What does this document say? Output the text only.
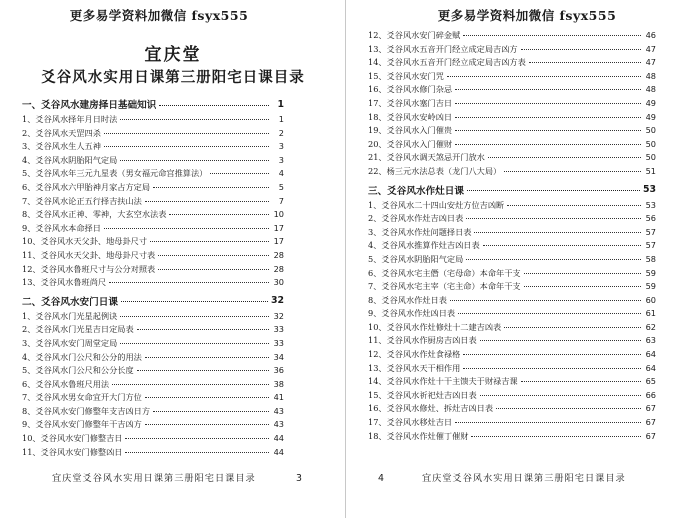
更多易学资料加微信 fsyx555
宜庆堂
爻谷风水实用日课第三册阳宅日课目录
一、爻谷风水建房择日基础知识	1
1、爻谷风水择年月日时法	1
2、爻谷风水天罡四杀	2
3、爻谷风水生人五神	3
4、爻谷风水阴胎阳气定局	3
5、爻谷风水年三元九星表（男女福元命宫推算法）	4
6、爻谷风水六甲胎神月家占方定局	5
7、爻谷风水论正五行择吉扶山法	7
8、爻谷风水正神、零神，大玄空水法表	10
9、爻谷风水本命择日	17
10、爻谷风水天父卦、地母卦尺寸	17
11、爻谷风水天父卦、地母卦尺寸表	28
12、爻谷风水鲁班尺寸与公分对照表	28
13、爻谷风水鲁班尚尺	30
二、爻谷风水安门日课	32
1、爻谷风水门光星起例诀	32
2、爻谷风水门光星吉日定局表	33
3、爻谷风水安门周堂定局	33
4、爻谷风水门公尺和公分的用法	34
5、爻谷风水门公尺和公分长度	36
6、爻谷风水鲁班尺用法	38
7、爻谷风水男女命宜开大门方位	41
8、爻谷风水安门修整年支吉凶日方	43
9、爻谷风水安门修整年干吉凶方	43
10、爻谷风水安门修整吉日	44
11、爻谷风水安门修整凶日	44
宜庆堂爻谷风水实用日课第三册阳宅日课目录	3
更多易学资料加微信 fsyx555
12、爻谷风水安门碎金赋	46
13、爻谷风水五音开门经立成定局吉凶方	47
14、爻谷风水五音开门经立成定局吉凶方表	47
15、爻谷风水安门咒	48
16、爻谷风水修门杂忌	48
17、爻谷风水塞门吉日	49
18、爻谷风水安岭凶日	49
19、爻谷风水入门催贵	50
20、爻谷风水入门催财	50
21、爻谷风水调天煞忌开门放水	50
22、杨三元水法总表（龙门八大局）	51
三、爻谷风水作灶日课	53
1、爻谷风水二十四山安灶方位吉凶断	53
2、爻谷风水作灶吉凶日表	56
3、爻谷风水作灶问题择日表	57
4、爻谷风水推算作灶吉凶日表	57
5、爻谷风水阴胎阳气定局	58
6、爻谷风水宅主僭（宅母命）本命年干支	59
7、爻谷风水宅主宰（宅主命）本命年干支	59
8、爻谷风水作灶日表	60
9、爻谷风水作灶凶日表	61
10、爻谷风水作灶修灶十二建吉凶表	62
11、爻谷风水作厨房吉凶日表	63
12、爻谷风水作灶食禄格	64
13、爻谷风水天干相作用	64
14、爻谷风水作灶十干主馈夫于财禄吉课	65
15、爻谷风水祈祀灶吉凶日表	66
16、爻谷风水修灶、拆灶吉凶日表	67
17、爻谷风水移灶吉日	67
18、爻谷风水作灶催丁催财	67
4	宜庆堂爻谷风水实用日课第三册阳宅日课目录
